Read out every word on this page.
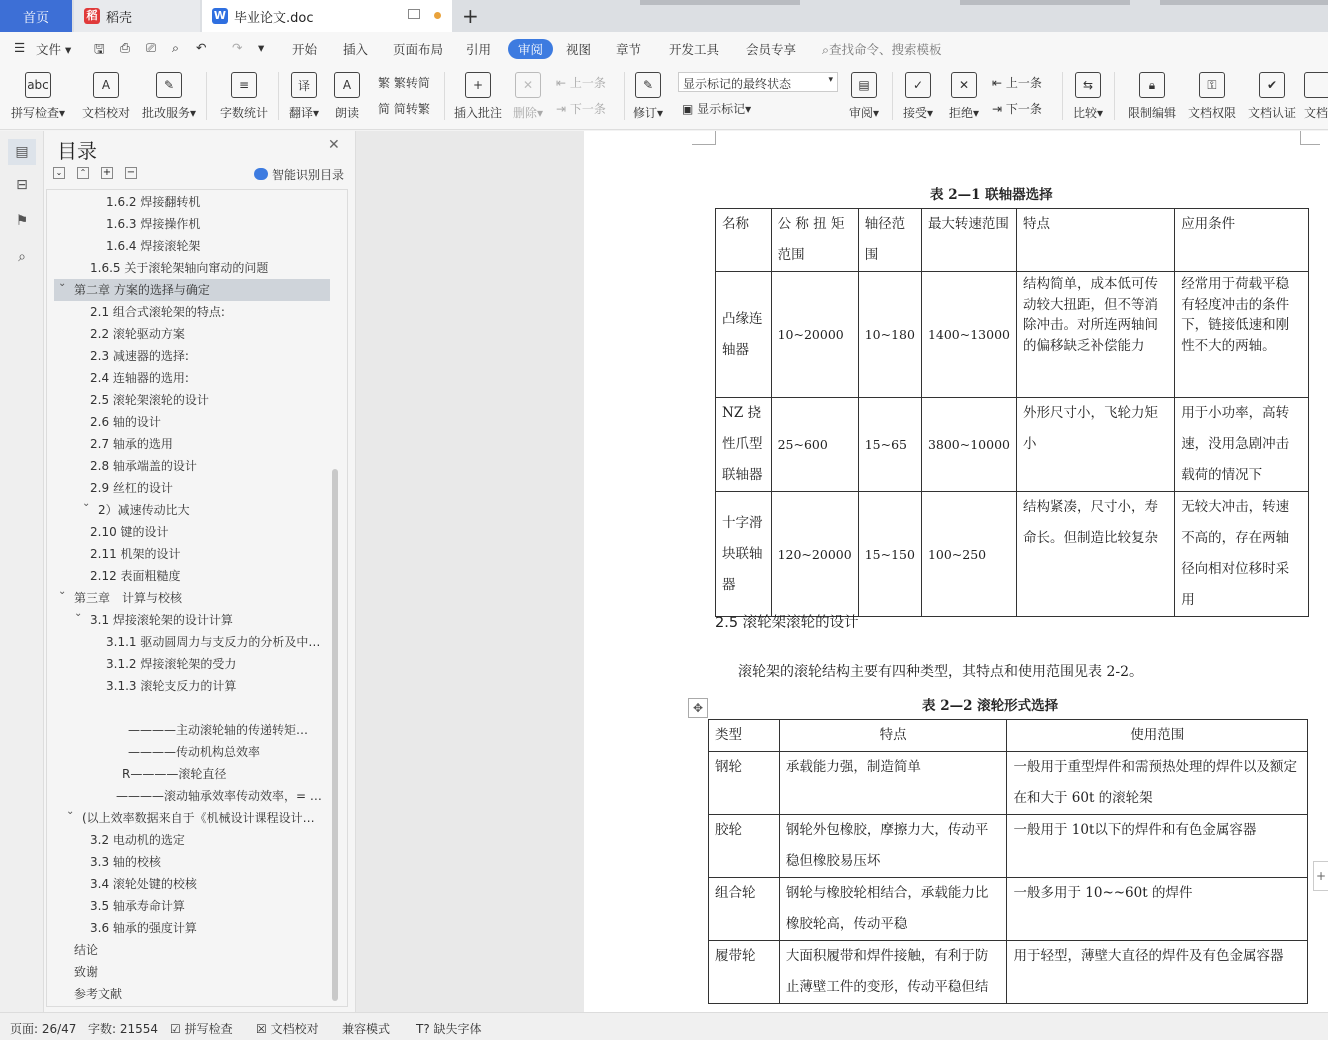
首页	稻 稻壳	W 毕业论文.doc	+
☰ 文件 ▾ 🖫 ⎙ ⎚ ⌕ ↶ ↷ ▾ 开始 插入 页面布局 引用	审阅	视图 章节 开发工具 会员专享 ⌕查找命令、搜索模板
abc
拼写检查▾
A
文档校对
✎
批改服务▾
≡
字数统计
译
翻译▾
A
朗读
繁 繁转简
简 简转繁
+
插入批注
✕
删除▾
⇤ 上一条
⇥ 下一条
✎
修订▾
显示标记的最终状态	▾
▣ 显示标记▾
▤
审阅▾
✓
接受▾
✕
拒绝▾
⇤ 上一条
⇥ 下一条
⇆
比较▾
🔒︎
限制编辑
⚿
文档权限
✔
文档认证 文档
▤
⊟
⚑
⌕
目录	✕
⌄	⌃ + −	智能识别目录
1.6.2 焊接翻转机
1.6.3 焊接操作机
1.6.4 焊接滚轮架
1.6.5 关于滚轮架轴向窜动的问题
第二章 方案的选择与确定
⌄
2.1 组合式滚轮架的特点:
2.2 滚轮驱动方案
2.3 减速器的选择:
2.4 连轴器的选用:
2.5 滚轮架滚轮的设计
2.6 轴的设计
2.7 轴承的选用
2.8 轴承端盖的设计
2.9 丝杠的设计
2）减速传动比大
⌄
2.10 键的设计
2.11 机架的设计
2.12 表面粗糙度
第三章　计算与校核
⌄
3.1 焊接滚轮架的设计计算
⌄
3.1.1 驱动圆周力与支反力的分析及中…
3.1.2 焊接滚轮架的受力
3.1.3 滚轮支反力的计算
————主动滚轮轴的传递转矩…
————传动机构总效率
R————滚轮直径
————滚动轴承效率传动效率，= …
(以上效率数据来自于《机械设计课程设计…
⌄
3.2 电动机的选定
3.3 轴的校核
3.4 滚轮处键的校核
3.5 轴承寿命计算
3.6 轴承的强度计算
结论
致谢
参考文献
表 2—1 联轴器选择
名称	公 称 扭 矩 范围	轴径范围	最大转速范围	特点	应用条件
凸缘连轴器	10~20000	10~180	1400~13000	结构简单，成本低可传动较大扭距，但不等消除冲击。对所连两轴间的偏移缺乏补偿能力	经常用于荷载平稳有轻度冲击的条件下，链接低速和刚性不大的两轴。
NZ 挠性爪型联轴器	25~600	15~65	3800~10000	外形尺寸小，飞轮力矩小	用于小功率，高转速，没用急剧冲击载荷的情况下
十字滑块联轴器	120~20000	15~150	100~250	结构紧凑，尺寸小，寿命长。但制造比较复杂	无较大冲击，转速不高的，存在两轴径向相对位移时采用
2.5 滚轮架滚轮的设计
滚轮架的滚轮结构主要有四种类型，其特点和使用范围见表 2-2。
表 2—2 滚轮形式选择
✥
类型	特点	使用范围
钢轮	承载能力强，制造简单	一般用于重型焊件和需预热处理的焊件以及额定在和大于 60t 的滚轮架
胶轮	钢轮外包橡胶，摩擦力大，传动平稳但橡胶易压坏	一般用于 10t以下的焊件和有色金属容器
组合轮	钢轮与橡胶轮相结合，承载能力比橡胶轮高，传动平稳	一般多用于 10~~60t 的焊件
履带轮	大面积履带和焊件接触，有利于防止薄壁工件的变形，传动平稳但结	用于轻型，薄壁大直径的焊件及有色金属容器
+
页面: 26/47 字数: 21554 ☑ 拼写检查 ☒ 文档校对 兼容模式 T? 缺失字体
